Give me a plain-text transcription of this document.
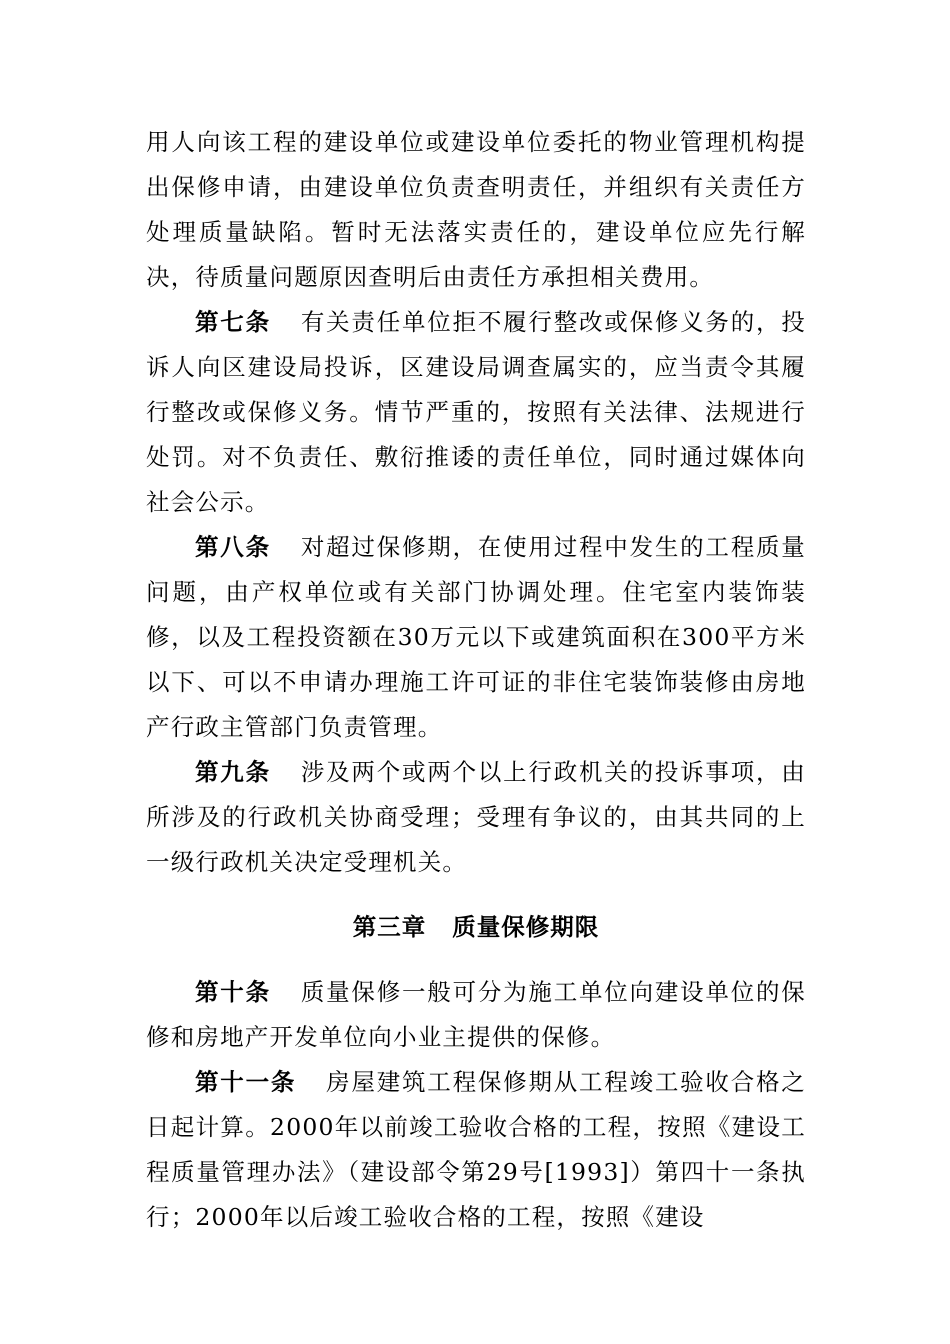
用人向该工程的建设单位或建设单位委托的物业管理机构提出保修申请，由建设单位负责查明责任，并组织有关责任方处理质量缺陷。暂时无法落实责任的，建设单位应先行解决，待质量问题原因查明后由责任方承担相关费用。

第七条 有关责任单位拒不履行整改或保修义务的，投诉人向区建设局投诉，区建设局调查属实的，应当责令其履行整改或保修义务。情节严重的，按照有关法律、法规进行处罚。对不负责任、敷衍推诿的责任单位，同时通过媒体向社会公示。

第八条 对超过保修期，在使用过程中发生的工程质量问题，由产权单位或有关部门协调处理。住宅室内装饰装修，以及工程投资额在30万元以下或建筑面积在300平方米以下、可以不申请办理施工许可证的非住宅装饰装修由房地产行政主管部门负责管理。

第九条 涉及两个或两个以上行政机关的投诉事项，由所涉及的行政机关协商受理；受理有争议的，由其共同的上一级行政机关决定受理机关。

第三章 质量保修期限

第十条 质量保修一般可分为施工单位向建设单位的保修和房地产开发单位向小业主提供的保修。

第十一条 房屋建筑工程保修期从工程竣工验收合格之日起计算。2000年以前竣工验收合格的工程，按照《建设工程质量管理办法》（建设部令第29号[1993]）第四十一条执行；2000年以后竣工验收合格的工程，按照《建设
